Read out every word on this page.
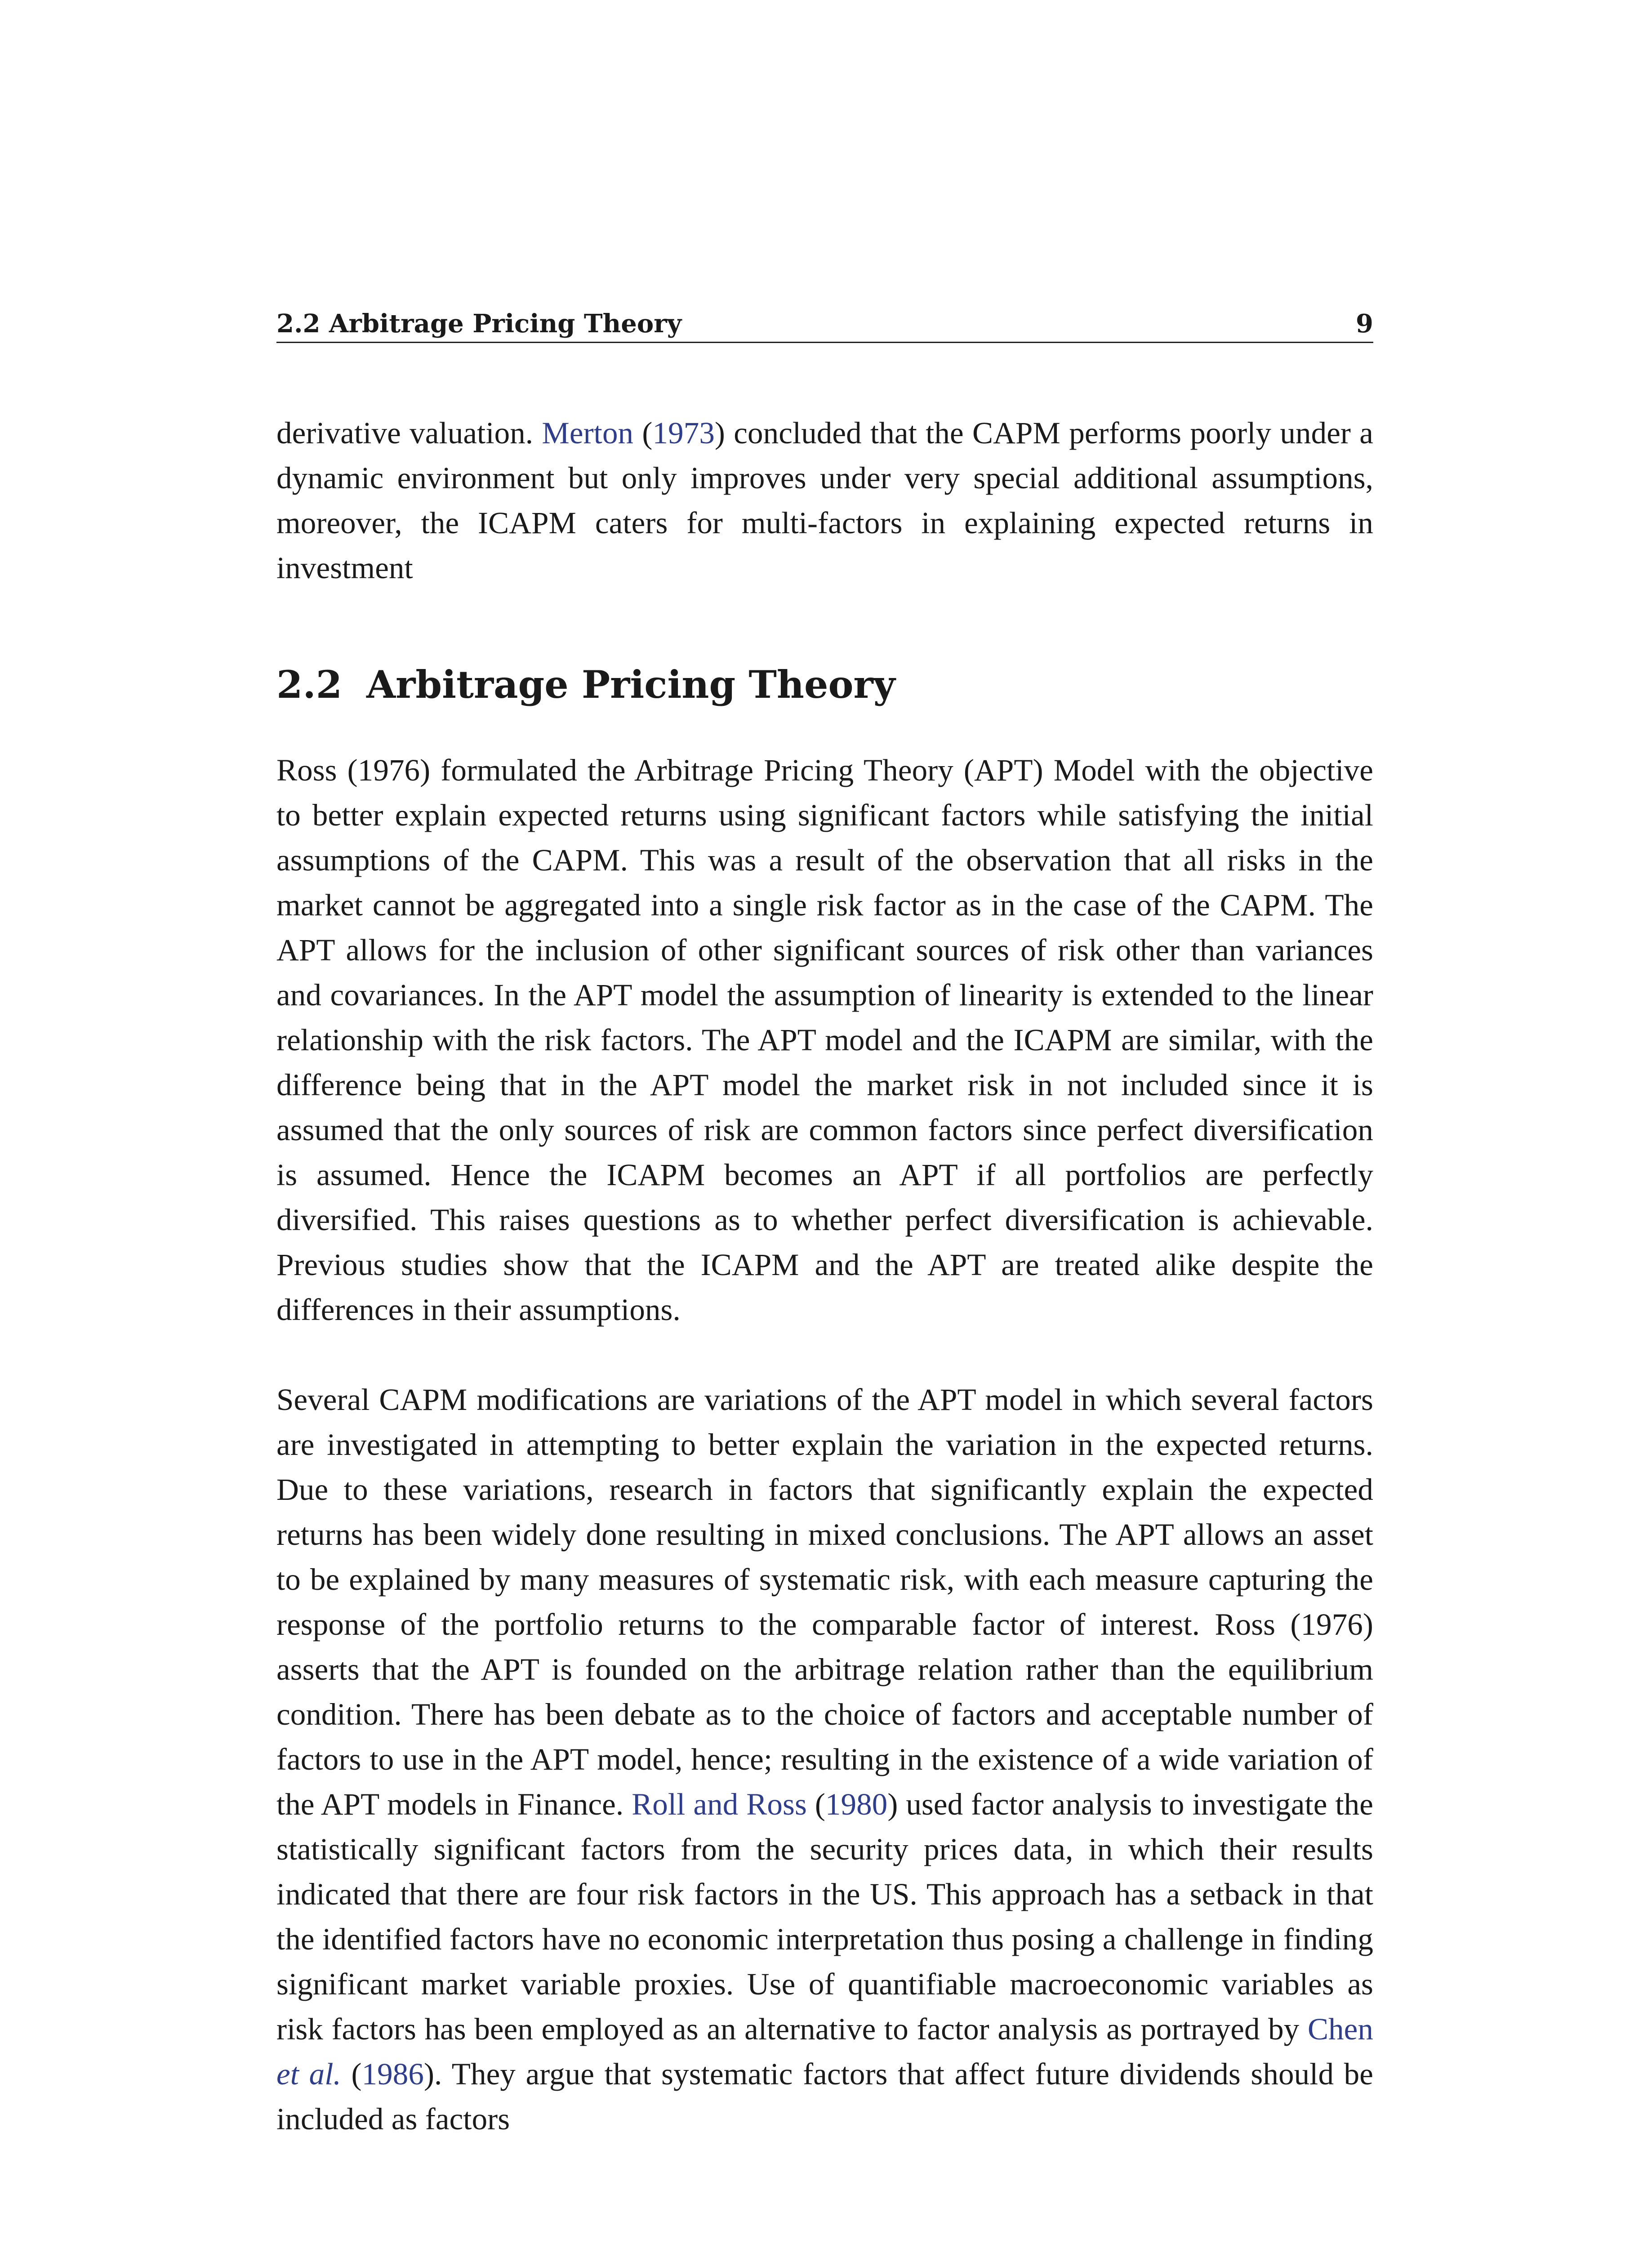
2.2 Arbitrage Pricing Theory	9

derivative valuation. Merton (1973) concluded that the CAPM performs poorly under a dynamic environment but only improves under very special additional assumptions, moreover, the ICAPM caters for multi-factors in explaining expected returns in investment

2.2 Arbitrage Pricing Theory

Ross (1976) formulated the Arbitrage Pricing Theory (APT) Model with the objective to better explain expected returns using significant factors while satisfying the initial assumptions of the CAPM. This was a result of the observation that all risks in the market cannot be aggregated into a single risk factor as in the case of the CAPM. The APT allows for the inclusion of other significant sources of risk other than variances and covariances. In the APT model the assumption of linearity is extended to the linear relationship with the risk factors. The APT model and the ICAPM are similar, with the difference being that in the APT model the market risk in not included since it is assumed that the only sources of risk are common factors since perfect diversification is assumed. Hence the ICAPM becomes an APT if all portfolios are perfectly diversified. This raises questions as to whether perfect diversification is achievable. Previous studies show that the ICAPM and the APT are treated alike despite the differences in their assumptions.

Several CAPM modifications are variations of the APT model in which several factors are investigated in attempting to better explain the variation in the expected returns. Due to these variations, research in factors that significantly explain the expected returns has been widely done resulting in mixed conclusions. The APT allows an asset to be explained by many measures of systematic risk, with each measure capturing the response of the portfolio returns to the comparable factor of interest. Ross (1976) asserts that the APT is founded on the arbitrage relation rather than the equilibrium condition. There has been debate as to the choice of factors and acceptable number of factors to use in the APT model, hence; resulting in the existence of a wide variation of the APT models in Finance. Roll and Ross (1980) used factor analysis to investigate the statistically significant factors from the security prices data, in which their results indicated that there are four risk factors in the US. This approach has a setback in that the identified factors have no economic interpretation thus posing a challenge in finding significant market variable proxies. Use of quantifiable macroeconomic variables as risk factors has been employed as an alternative to factor analysis as portrayed by Chen et al. (1986). They argue that systematic factors that affect future dividends should be included as factors
